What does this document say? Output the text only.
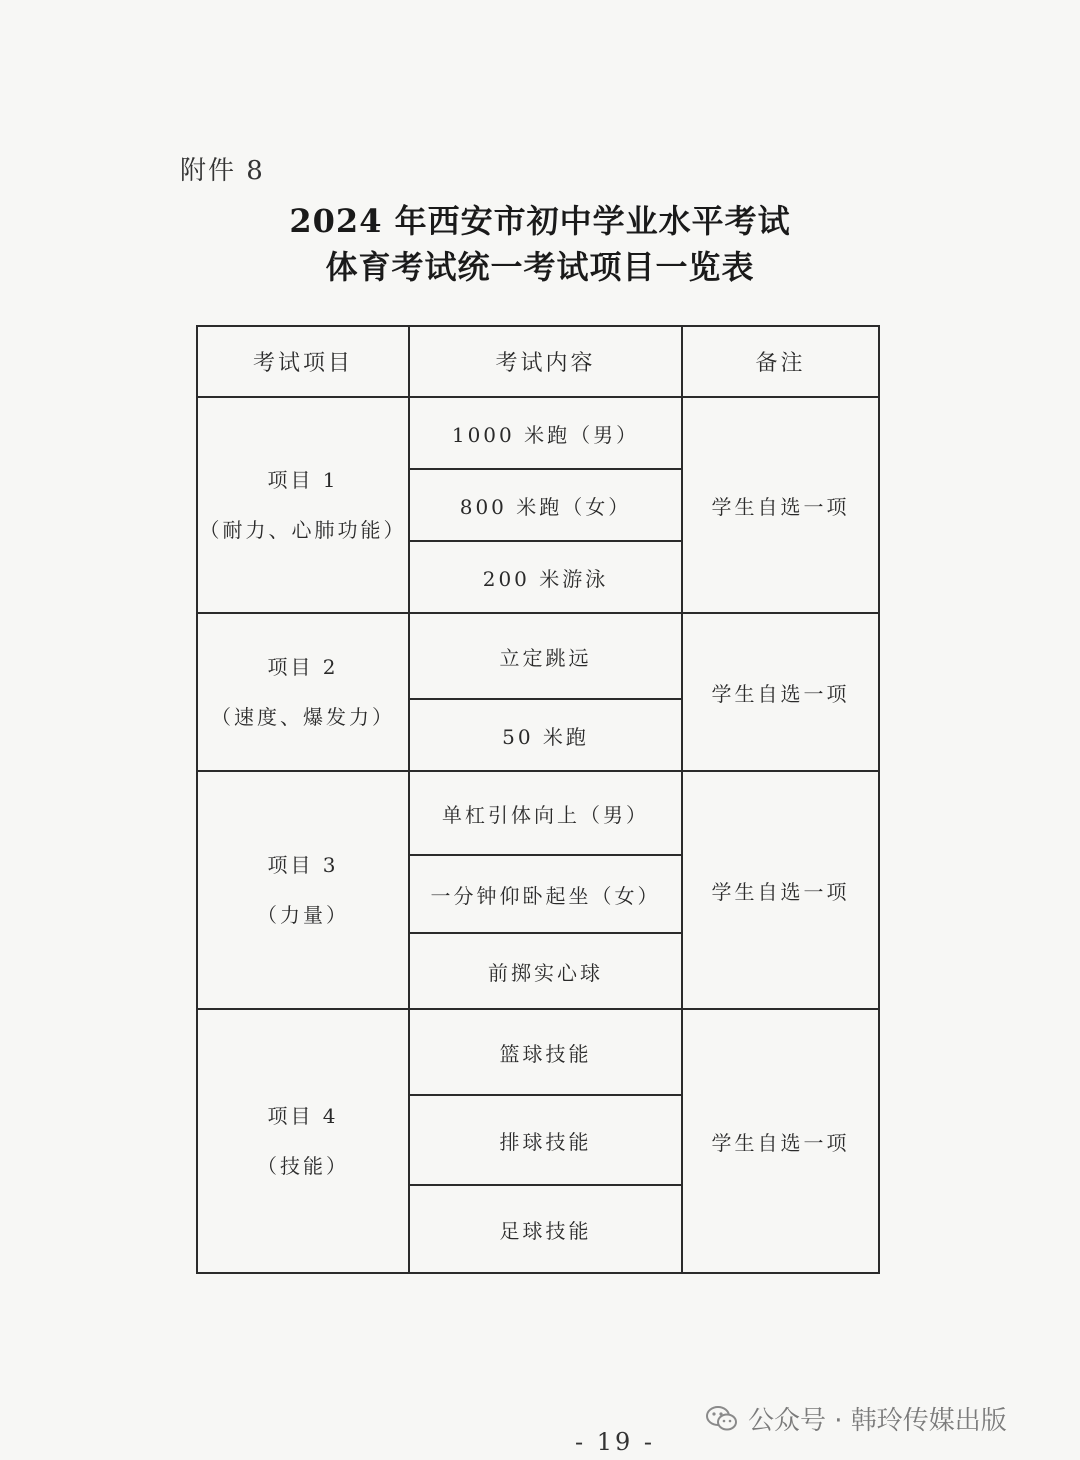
附件 8
2024 年西安市初中学业水平考试
体育考试统一考试项目一览表
考试项目	考试内容	备注

项目 1
（耐力、心肺功能）	1000 米跑（男）	学生自选一项
	800 米跑（女）	
	200 米游泳	

项目 2
（速度、爆发力）	立定跳远	学生自选一项
	50 米跑	

项目 3
（力量）	单杠引体向上（男）	学生自选一项
	一分钟仰卧起坐（女）	
	前掷实心球	

项目 4
（技能）	篮球技能	学生自选一项
	排球技能	
	足球技能	
公众号 · 韩玲传媒出版
- 19 -
